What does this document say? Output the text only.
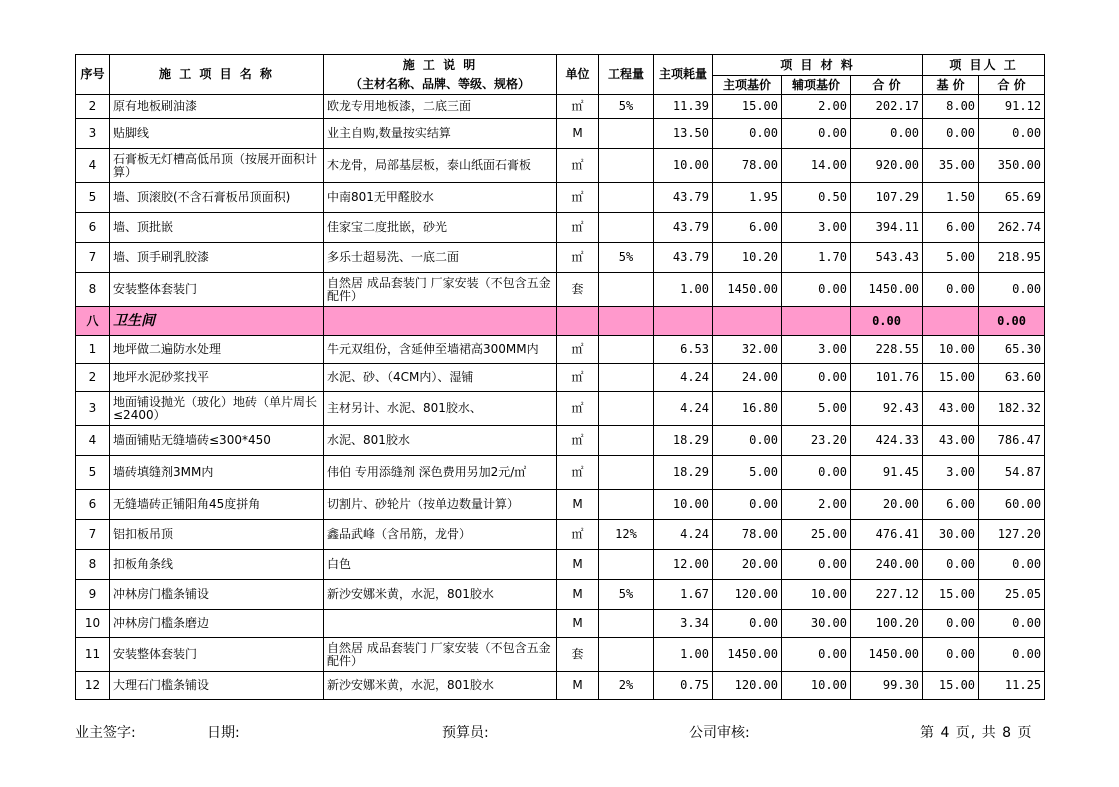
序号	施 工 项 目 名 称	施 工 说 明	单位	工程量	主项耗量	项 目 材 料			项 目人 工	
		（主材名称、品牌、等级、规格）				主项基价	辅项基价	合 价	基 价	合 价
2	原有地板刷油漆	欧龙专用地板漆，二底三面	㎡	5%	11.39	15.00	2.00	202.17	8.00	91.12
3	贴脚线	业主自购,数量按实结算	M		13.50	0.00	0.00	0.00	0.00	0.00
4	石膏板无灯槽高低吊顶（按展开面积计算）	木龙骨，局部基层板，泰山纸面石膏板	㎡		10.00	78.00	14.00	920.00	35.00	350.00
5	墙、顶滚胶(不含石膏板吊顶面积)	中南801无甲醛胶水	㎡		43.79	1.95	0.50	107.29	1.50	65.69
6	墙、顶批嵌	佳家宝二度批嵌，砂光	㎡		43.79	6.00	3.00	394.11	6.00	262.74
7	墙、顶手刷乳胶漆	多乐士超易洗、一底二面	㎡	5%	43.79	10.20	1.70	543.43	5.00	218.95
8	安装整体套装门	自然居 成品套装门 厂家安装（不包含五金配件）	套		1.00	1450.00	0.00	1450.00	0.00	0.00
八	卫生间							0.00		0.00
1	地坪做二遍防水处理	牛元双组份，含延伸至墙裙高300MM内	㎡		6.53	32.00	3.00	228.55	10.00	65.30
2	地坪水泥砂浆找平	水泥、砂、（4CM内）、湿铺	㎡		4.24	24.00	0.00	101.76	15.00	63.60
3	地面铺设抛光（玻化）地砖（单片周长≤2400）	主材另计、水泥、801胶水、	㎡		4.24	16.80	5.00	92.43	43.00	182.32
4	墙面铺贴无缝墙砖≤300*450	水泥、801胶水	㎡		18.29	0.00	23.20	424.33	43.00	786.47
5	墙砖填缝剂3MM内	伟伯 专用添缝剂 深色费用另加2元/㎡	㎡		18.29	5.00	0.00	91.45	3.00	54.87
6	无缝墙砖正铺阳角45度拼角	切割片、砂轮片（按单边数量计算）	M		10.00	0.00	2.00	20.00	6.00	60.00
7	铝扣板吊顶	鑫品武峰（含吊筋，龙骨）	㎡	12%	4.24	78.00	25.00	476.41	30.00	127.20
8	扣板角条线	白色	M		12.00	20.00	0.00	240.00	0.00	0.00
9	冲林房门槛条铺设	新沙安娜米黄，水泥，801胶水	M	5%	1.67	120.00	10.00	227.12	15.00	25.05
10	冲林房门槛条磨边		M		3.34	0.00	30.00	100.20	0.00	0.00
11	安装整体套装门	自然居 成品套装门 厂家安装（不包含五金配件）	套		1.00	1450.00	0.00	1450.00	0.00	0.00
12	大理石门槛条铺设	新沙安娜米黄，水泥，801胶水	M	2%	0.75	120.00	10.00	99.30	15.00	11.25
业主签字:	日期:	预算员:	公司审核:	第 4 页, 共 8 页
